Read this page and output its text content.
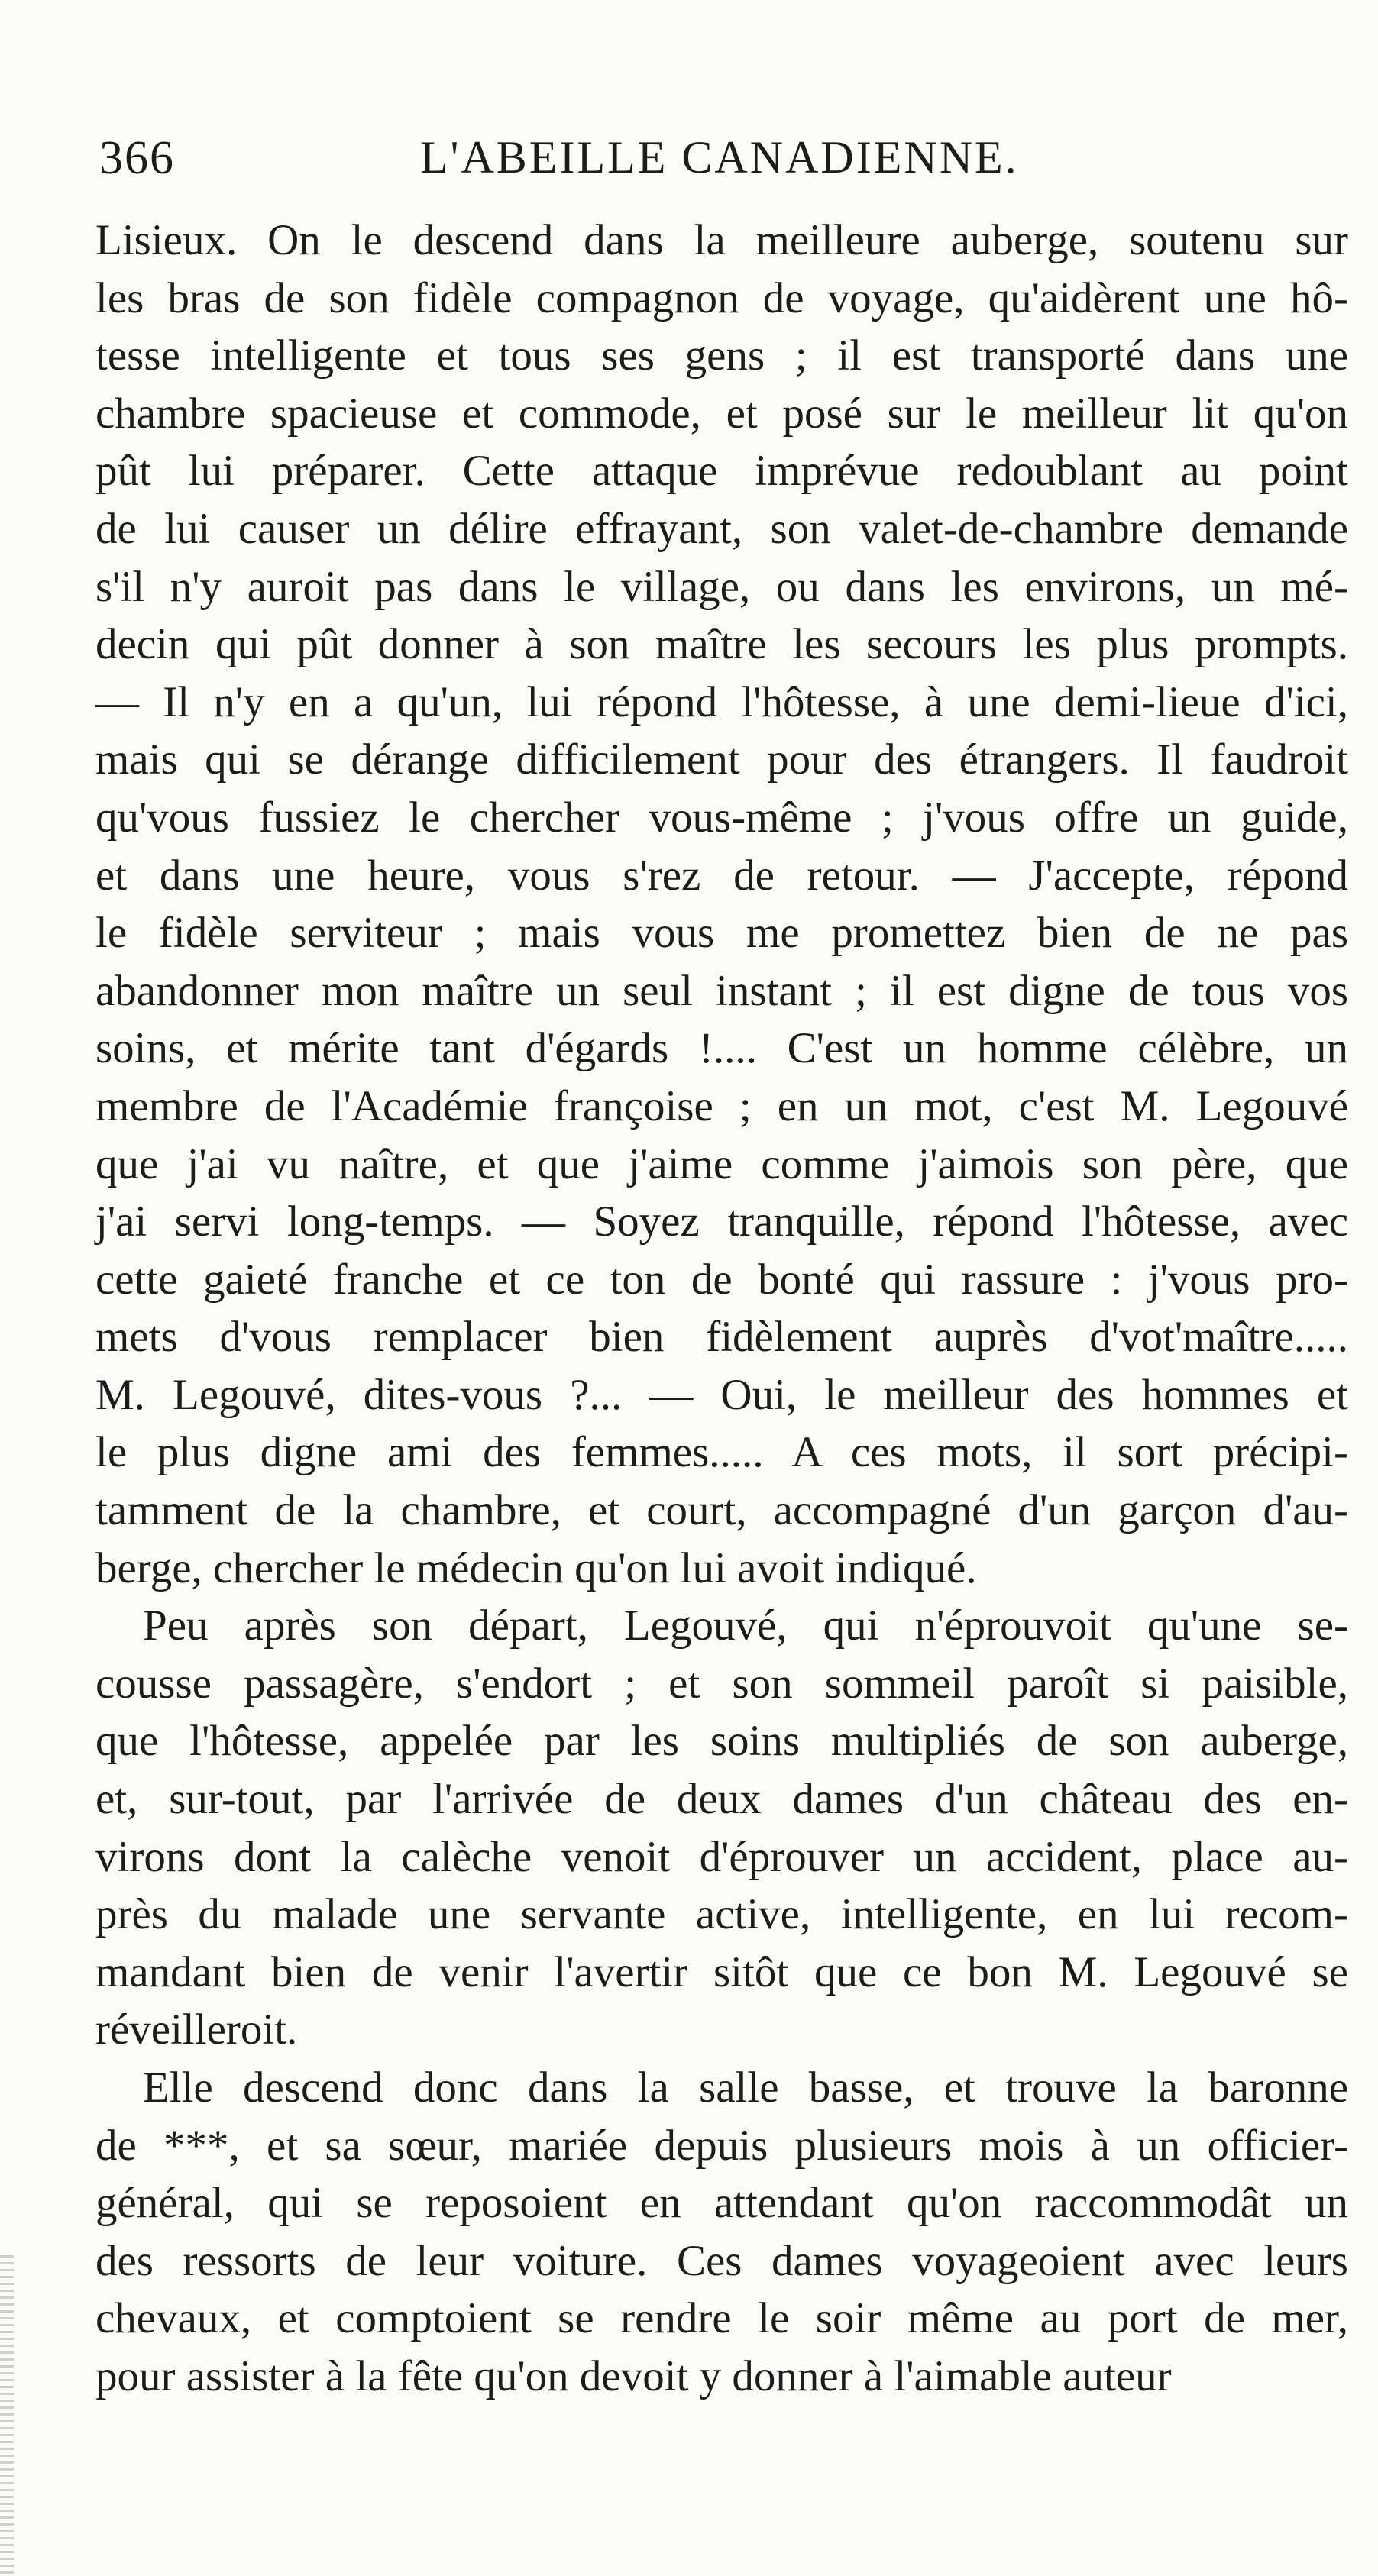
366	L'ABEILLE CANADIENNE.
Lisieux. On le descend dans la meilleure auberge, soutenu sur
les bras de son fidèle compagnon de voyage, qu'aidèrent une hô-
tesse intelligente et tous ses gens ; il est transporté dans une
chambre spacieuse et commode, et posé sur le meilleur lit qu'on
pût lui préparer. Cette attaque imprévue redoublant au point
de lui causer un délire effrayant, son valet-de-chambre demande
s'il n'y auroit pas dans le village, ou dans les environs, un mé-
decin qui pût donner à son maître les secours les plus prompts.
— Il n'y en a qu'un, lui répond l'hôtesse, à une demi-lieue d'ici,
mais qui se dérange difficilement pour des étrangers. Il faudroit
qu'vous fussiez le chercher vous-même ; j'vous offre un guide,
et dans une heure, vous s'rez de retour. — J'accepte, répond
le fidèle serviteur ; mais vous me promettez bien de ne pas
abandonner mon maître un seul instant ; il est digne de tous vos
soins, et mérite tant d'égards !.... C'est un homme célèbre, un
membre de l'Académie françoise ; en un mot, c'est M. Legouvé
que j'ai vu naître, et que j'aime comme j'aimois son père, que
j'ai servi long-temps. — Soyez tranquille, répond l'hôtesse, avec
cette gaieté franche et ce ton de bonté qui rassure : j'vous pro-
mets d'vous remplacer bien fidèlement auprès d'vot'maître.....
M. Legouvé, dites-vous ?... — Oui, le meilleur des hommes et
le plus digne ami des femmes..... A ces mots, il sort précipi-
tamment de la chambre, et court, accompagné d'un garçon d'au-
berge, chercher le médecin qu'on lui avoit indiqué.
Peu après son départ, Legouvé, qui n'éprouvoit qu'une se-
cousse passagère, s'endort ; et son sommeil paroît si paisible,
que l'hôtesse, appelée par les soins multipliés de son auberge,
et, sur-tout, par l'arrivée de deux dames d'un château des en-
virons dont la calèche venoit d'éprouver un accident, place au-
près du malade une servante active, intelligente, en lui recom-
mandant bien de venir l'avertir sitôt que ce bon M. Legouvé se
réveilleroit.
Elle descend donc dans la salle basse, et trouve la baronne
de ***, et sa sœur, mariée depuis plusieurs mois à un officier-
général, qui se reposoient en attendant qu'on raccommodât un
des ressorts de leur voiture. Ces dames voyageoient avec leurs
chevaux, et comptoient se rendre le soir même au port de mer,
pour assister à la fête qu'on devoit y donner à l'aimable auteur
